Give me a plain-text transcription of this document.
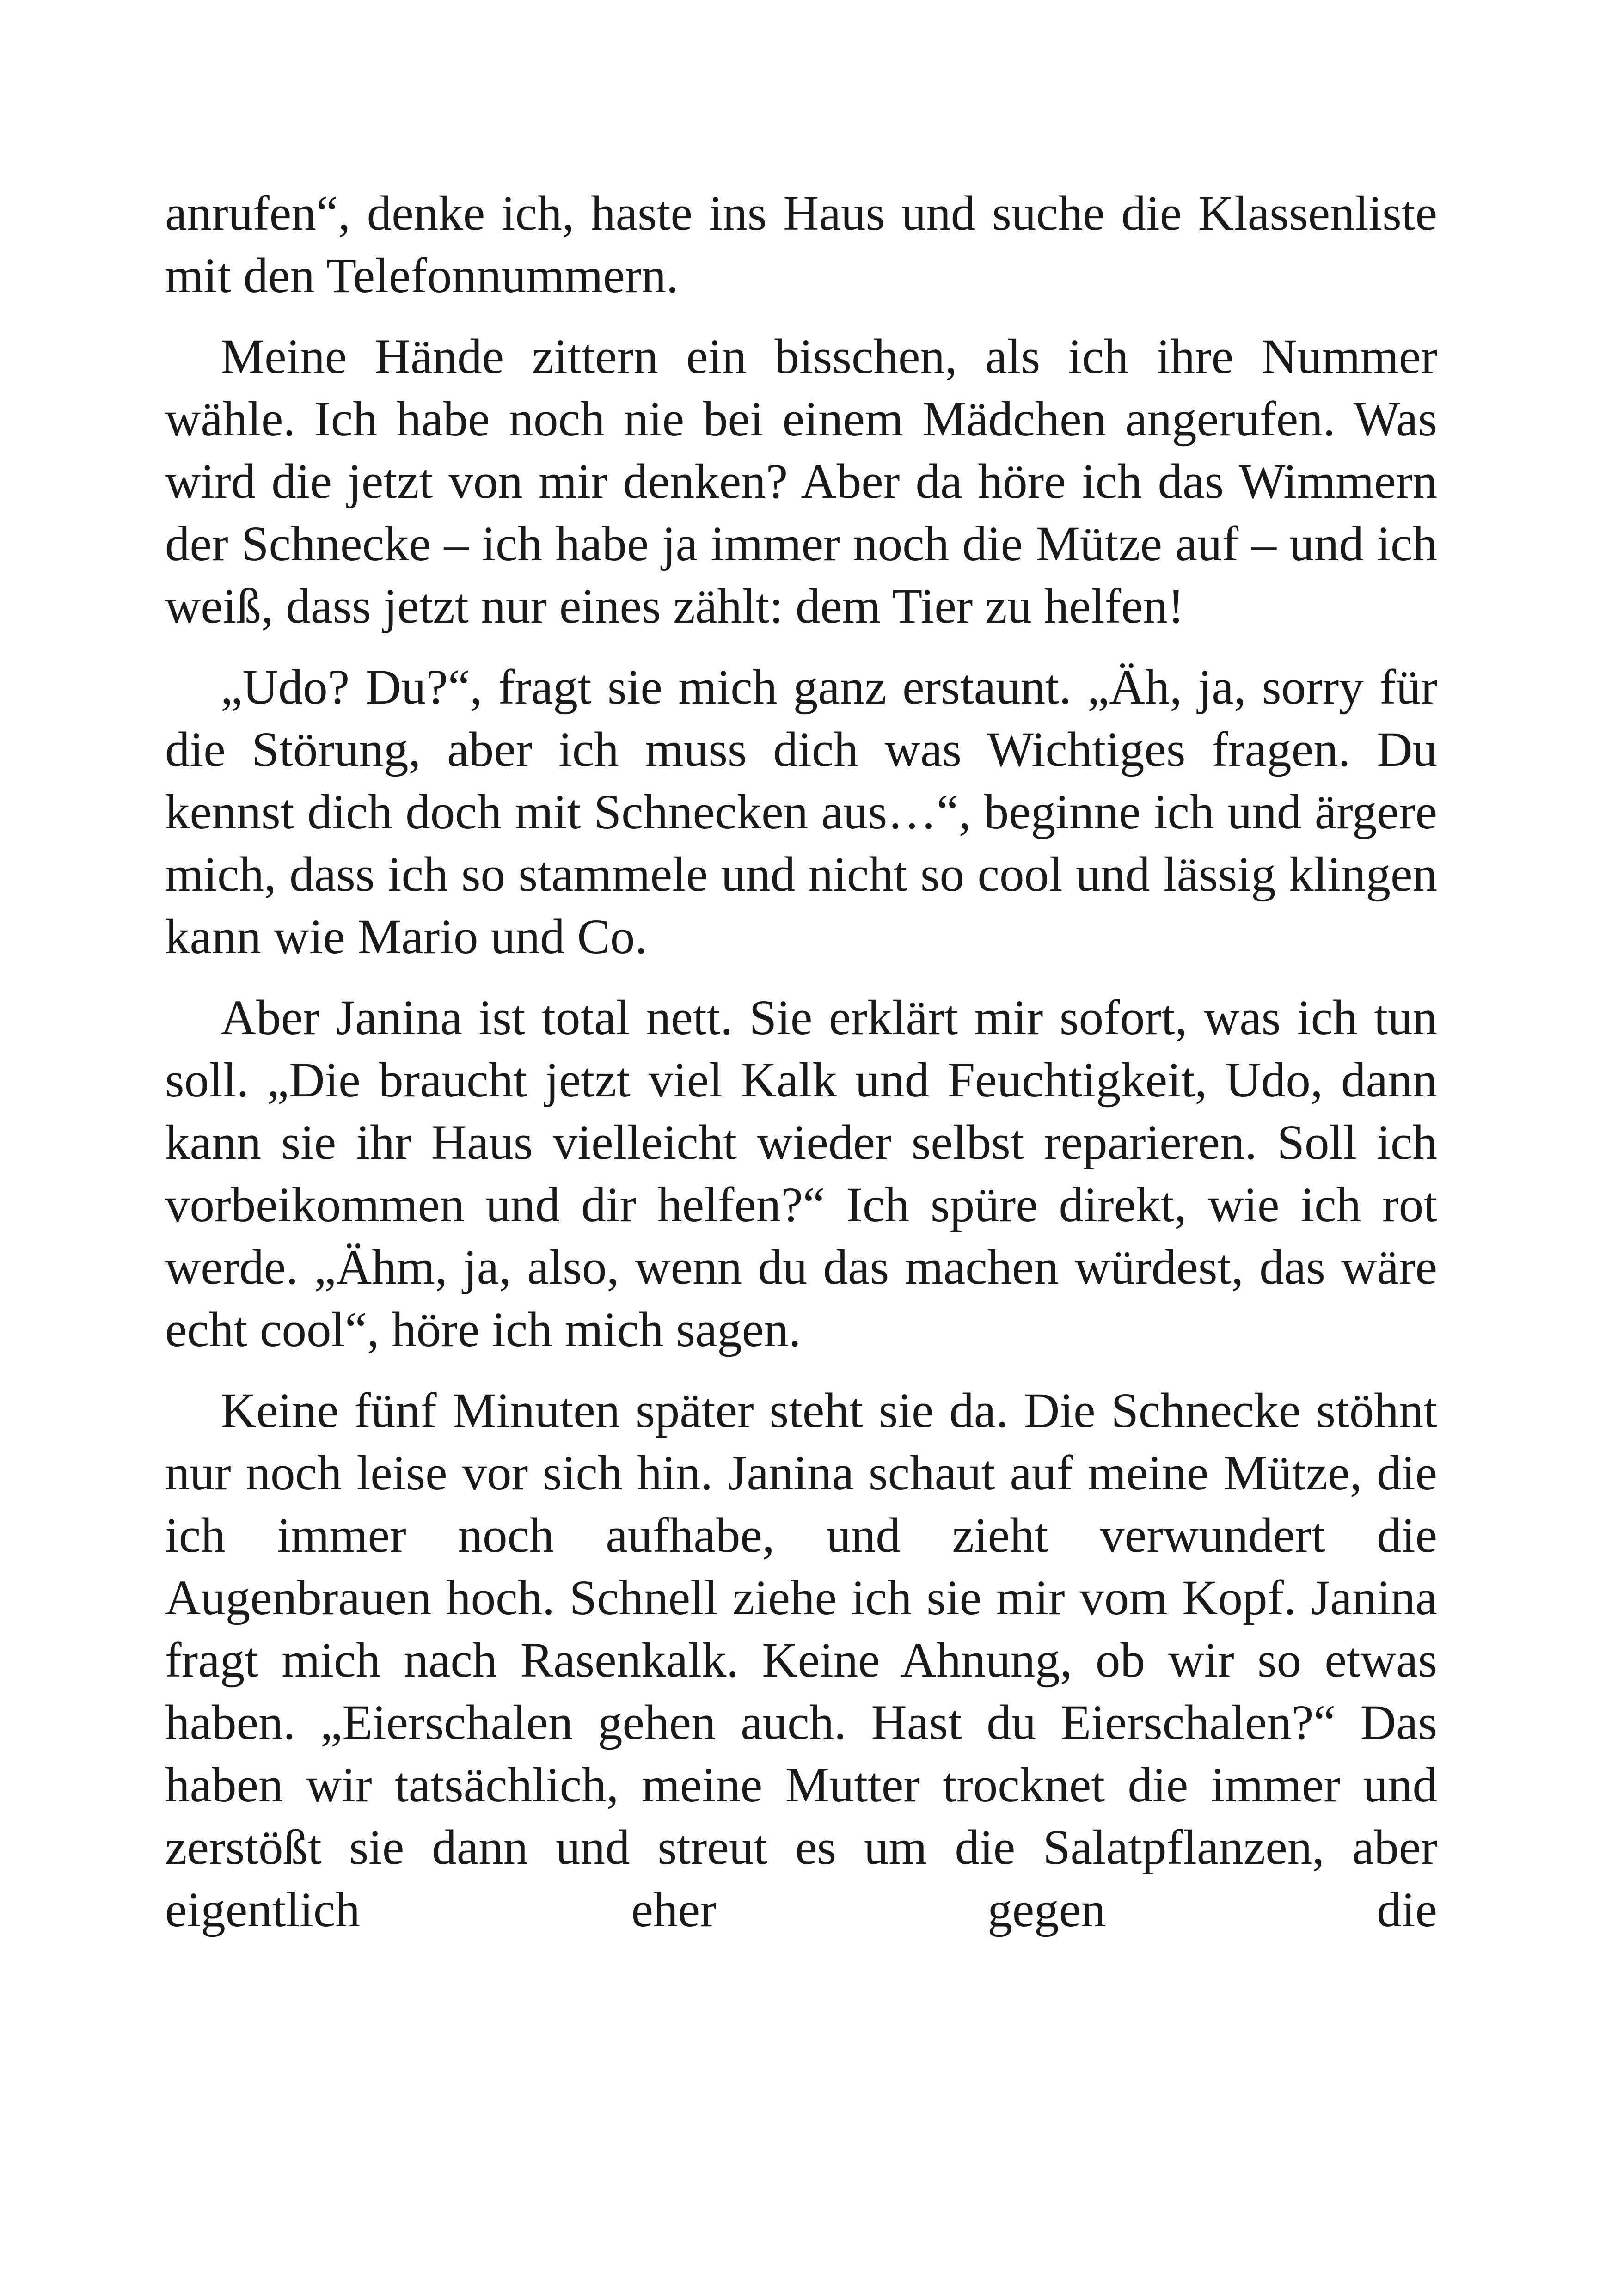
anrufen“, denke ich, haste ins Haus und suche die Klassenliste mit den Telefonnummern.

Meine Hände zittern ein bisschen, als ich ihre Nummer wähle. Ich habe noch nie bei einem Mädchen angerufen. Was wird die jetzt von mir denken? Aber da höre ich das Wimmern der Schnecke – ich habe ja immer noch die Mütze auf – und ich weiß, dass jetzt nur eines zählt: dem Tier zu helfen!

„Udo? Du?“, fragt sie mich ganz erstaunt. „Äh, ja, sorry für die Störung, aber ich muss dich was Wichtiges fragen. Du kennst dich doch mit Schnecken aus…“, beginne ich und ärgere mich, dass ich so stammele und nicht so cool und lässig klingen kann wie Mario und Co.

Aber Janina ist total nett. Sie erklärt mir sofort, was ich tun soll. „Die braucht jetzt viel Kalk und Feuchtigkeit, Udo, dann kann sie ihr Haus vielleicht wieder selbst reparieren. Soll ich vorbeikommen und dir helfen?“ Ich spüre direkt, wie ich rot werde. „Ähm, ja, also, wenn du das machen würdest, das wäre echt cool“, höre ich mich sagen.

Keine fünf Minuten später steht sie da. Die Schnecke stöhnt nur noch leise vor sich hin. Janina schaut auf meine Mütze, die ich immer noch aufhabe, und zieht verwundert die Augenbrauen hoch. Schnell ziehe ich sie mir vom Kopf. Janina fragt mich nach Rasenkalk. Keine Ahnung, ob wir so etwas haben. „Eierschalen gehen auch. Hast du Eierschalen?“ Das haben wir tatsächlich, meine Mutter trocknet die immer und zerstößt sie dann und streut es um die Salatpflanzen, aber eigentlich eher gegen die
